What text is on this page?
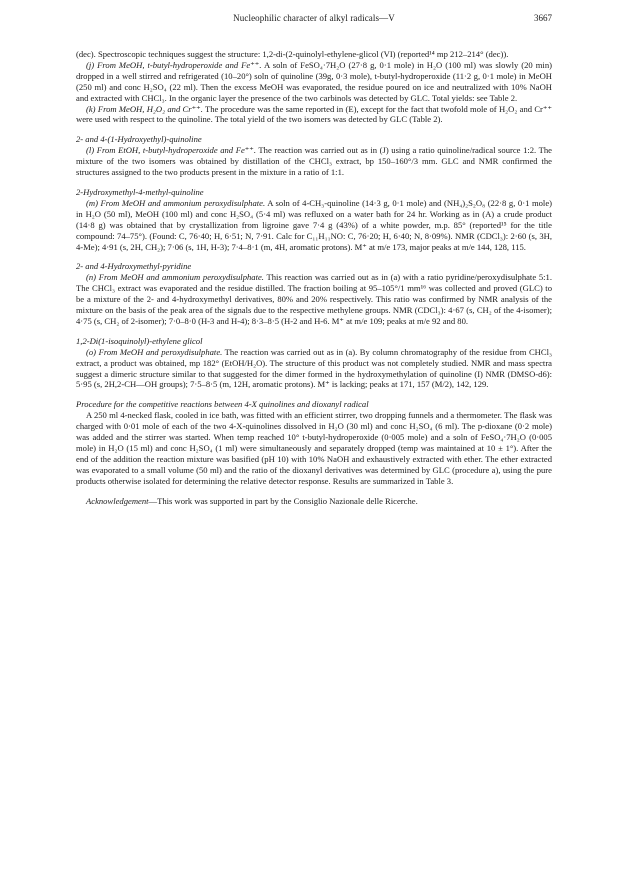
Nucleophilic character of alkyl radicals—V	3667

(dec). Spectroscopic techniques suggest the structure: 1,2-di-(2-quinolyl-ethylene-glicol (VI) (reported¹⁴ mp 212–214° (dec)).

(j) From MeOH, t-butyl-hydroperoxide and Fe⁺⁺. A soln of FeSO₄·7H₂O (27·8 g, 0·1 mole) in H₂O (100 ml) was slowly (20 min) dropped in a well stirred and refrigerated (10–20°) soln of quinoline (39g, 0·3 mole), t-butyl-hydroperoxide (11·2 g, 0·1 mole) in MeOH (250 ml) and conc H₂SO₄ (22 ml). Then the excess MeOH was evaporated, the residue poured on ice and neutralized with 10% NaOH and extracted with CHCl₃. In the organic layer the presence of the two carbinols was detected by GLC. Total yields: see Table 2.

(k) From MeOH, H₂O₂ and Cr⁺⁺. The procedure was the same reported in (E), except for the fact that twofold mole of H₂O₂ and Cr⁺⁺ were used with respect to the quinoline. The total yield of the two isomers was detected by GLC (Table 2).

2- and 4-(1-Hydroxyethyl)-quinoline

(l) From EtOH, t-butyl-hydroperoxide and Fe⁺⁺. The reaction was carried out as in (J) using a ratio quinoline/radical source 1:2. The mixture of the two isomers was obtained by distillation of the CHCl₃ extract, bp 150–160°/3 mm. GLC and NMR confirmed the structures assigned to the two products present in the mixture in a ratio of 1:1.

2-Hydroxymethyl-4-methyl-quinoline

(m) From MeOH and ammonium peroxydisulphate. A soln of 4-CH₃-quinoline (14·3 g, 0·1 mole) and (NH₄)₂S₂O₈ (22·8 g, 0·1 mole) in H₂O (50 ml), MeOH (100 ml) and conc H₂SO₄ (5·4 ml) was refluxed on a water bath for 24 hr. Working as in (A) a crude product (14·8 g) was obtained that by crystallization from ligroine gave 7·4 g (43%) of a white powder, m.p. 85° (reported¹⁵ for the title compound: 74–75°). (Found: C, 76·40; H, 6·51; N, 7·91. Calc for C₁₁H₁₁NO: C, 76·20; H, 6·40; N, 8·09%). NMR (CDCl₃): 2·60 (s, 3H, 4-Me); 4·91 (s, 2H, CH₂); 7·06 (s, 1H, H-3); 7·4–8·1 (m, 4H, aromatic protons). M⁺ at m/e 173, major peaks at m/e 144, 128, 115.

2- and 4-Hydroxymethyl-pyridine

(n) From MeOH and ammonium peroxydisulphate. This reaction was carried out as in (a) with a ratio pyridine/peroxydisulphate 5:1. The CHCl₃ extract was evaporated and the residue distilled. The fraction boiling at 95–105°/1 mm¹⁶ was collected and proved (GLC) to be a mixture of the 2- and 4-hydroxymethyl derivatives, 80% and 20% respectively. This ratio was confirmed by NMR analysis of the mixture on the basis of the peak area of the signals due to the respective methylene groups. NMR (CDCl₃): 4·67 (s, CH₂ of the 4-isomer); 4·75 (s, CH₂ of 2-isomer); 7·0–8·0 (H-3 and H-4); 8·3–8·5 (H-2 and H-6. M⁺ at m/e 109; peaks at m/e 92 and 80.

1,2-Di(1-isoquinolyl)-ethylene glicol

(o) From MeOH and peroxydisulphate. The reaction was carried out as in (a). By column chromatography of the residue from CHCl₃ extract, a product was obtained, mp 182° (EtOH/H₂O). The structure of this product was not completely studied. NMR and mass spectra suggest a dimeric structure similar to that suggested for the dimer formed in the hydroxymethylation of quinoline (I) NMR (DMSO-d6): 5·95 (s, 2H,2-CH—OH groups); 7·5–8·5 (m, 12H, aromatic protons). M⁺ is lacking; peaks at 171, 157 (M/2), 142, 129.

Procedure for the competitive reactions between 4-X quinolines and dioxanyl radical

A 250 ml 4-necked flask, cooled in ice bath, was fitted with an efficient stirrer, two dropping funnels and a thermometer. The flask was charged with 0·01 mole of each of the two 4-X-quinolines dissolved in H₂O (30 ml) and conc H₂SO₄ (6 ml). The p-dioxane (0·2 mole) was added and the stirrer was started. When temp reached 10° t-butyl-hydroperoxide (0·005 mole) and a soln of FeSO₄·7H₂O (0·005 mole) in H₂O (15 ml) and conc H₂SO₄ (1 ml) were simultaneously and separately dropped (temp was maintained at 10 ± 1°). After the end of the addition the reaction mixture was basified (pH 10) with 10% NaOH and exhaustively extracted with ether. The ether extracted was evaporated to a small volume (50 ml) and the ratio of the dioxanyl derivatives was determined by GLC (procedure a), using the pure products otherwise isolated for determining the relative detector response. Results are summarized in Table 3.

Acknowledgement—This work was supported in part by the Consiglio Nazionale delle Ricerche.
